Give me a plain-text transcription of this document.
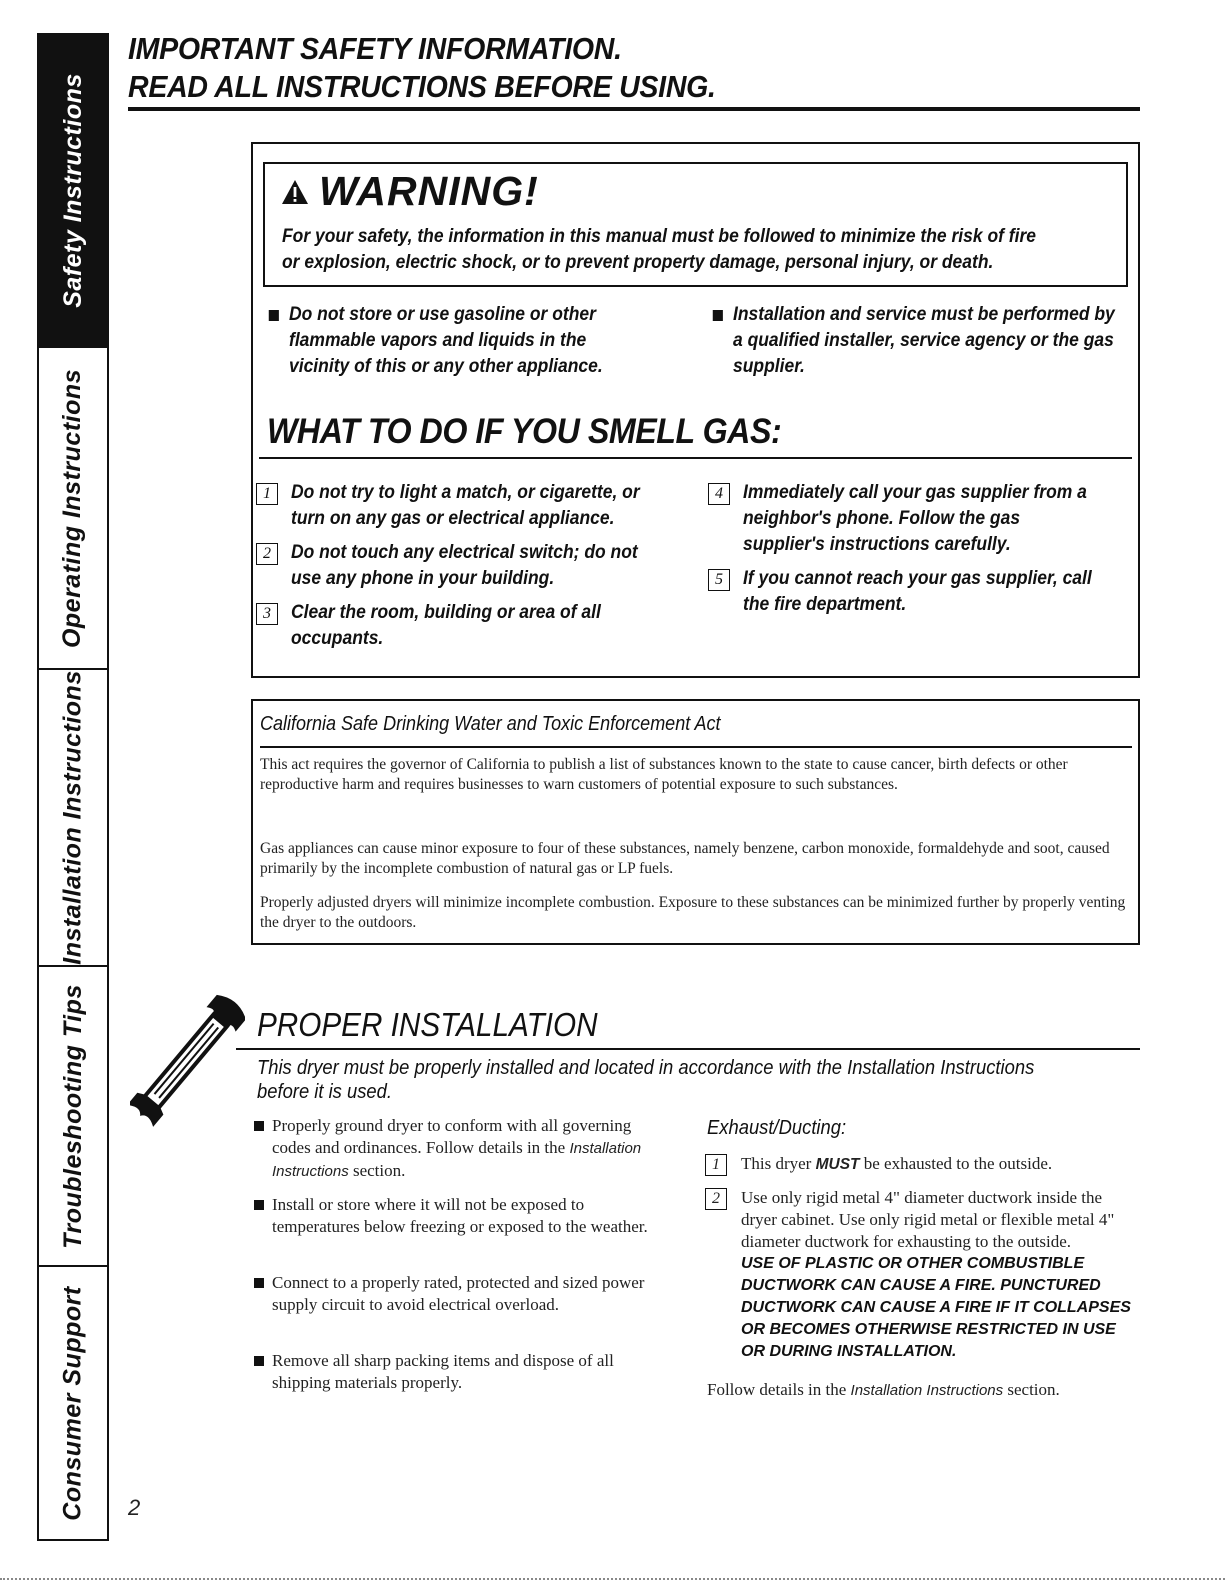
Safety Instructions
Operating Instructions
Installation Instructions
Troubleshooting Tips
Consumer Support
IMPORTANT SAFETY INFORMATION.
READ ALL INSTRUCTIONS BEFORE USING.
WARNING!
For your safety, the information in this manual must be followed to minimize the risk of fire or explosion, electric shock, or to prevent property damage, personal injury, or death.
Do not store or use gasoline or other flammable vapors and liquids in the vicinity of this or any other appliance.
Installation and service must be performed by a qualified installer, service agency or the gas supplier.
WHAT TO DO IF YOU SMELL GAS:
1	Do not try to light a match, or cigarette, or turn on any gas or electrical appliance.
2	Do not touch any electrical switch; do not use any phone in your building.
3	Clear the room, building or area of all occupants.
4	Immediately call your gas supplier from a neighbor's phone. Follow the gas supplier's instructions carefully.
5	If you cannot reach your gas supplier, call the fire department.
California Safe Drinking Water and Toxic Enforcement Act
This act requires the governor of California to publish a list of substances known to the state to cause cancer, birth defects or other reproductive harm and requires businesses to warn customers of potential exposure to such substances.
Gas appliances can cause minor exposure to four of these substances, namely benzene, carbon monoxide, formaldehyde and soot, caused primarily by the incomplete combustion of natural gas or LP fuels.
Properly adjusted dryers will minimize incomplete combustion. Exposure to these substances can be minimized further by properly venting the dryer to the outdoors.
PROPER INSTALLATION
This dryer must be properly installed and located in accordance with the Installation Instructions before it is used.
Properly ground dryer to conform with all governing codes and ordinances. Follow details in the Installation Instructions section.
Install or store where it will not be exposed to temperatures below freezing or exposed to the weather.
Connect to a properly rated, protected and sized power supply circuit to avoid electrical overload.
Remove all sharp packing items and dispose of all shipping materials properly.
Exhaust/Ducting:
1	This dryer MUST be exhausted to the outside.
2	Use only rigid metal 4" diameter ductwork inside the dryer cabinet. Use only rigid metal or flexible metal 4" diameter ductwork for exhausting to the outside.
USE OF PLASTIC OR OTHER COMBUSTIBLE DUCTWORK CAN CAUSE A FIRE. PUNCTURED DUCTWORK CAN CAUSE A FIRE IF IT COLLAPSES OR BECOMES OTHERWISE RESTRICTED IN USE OR DURING INSTALLATION.
Follow details in the Installation Instructions section.
2
